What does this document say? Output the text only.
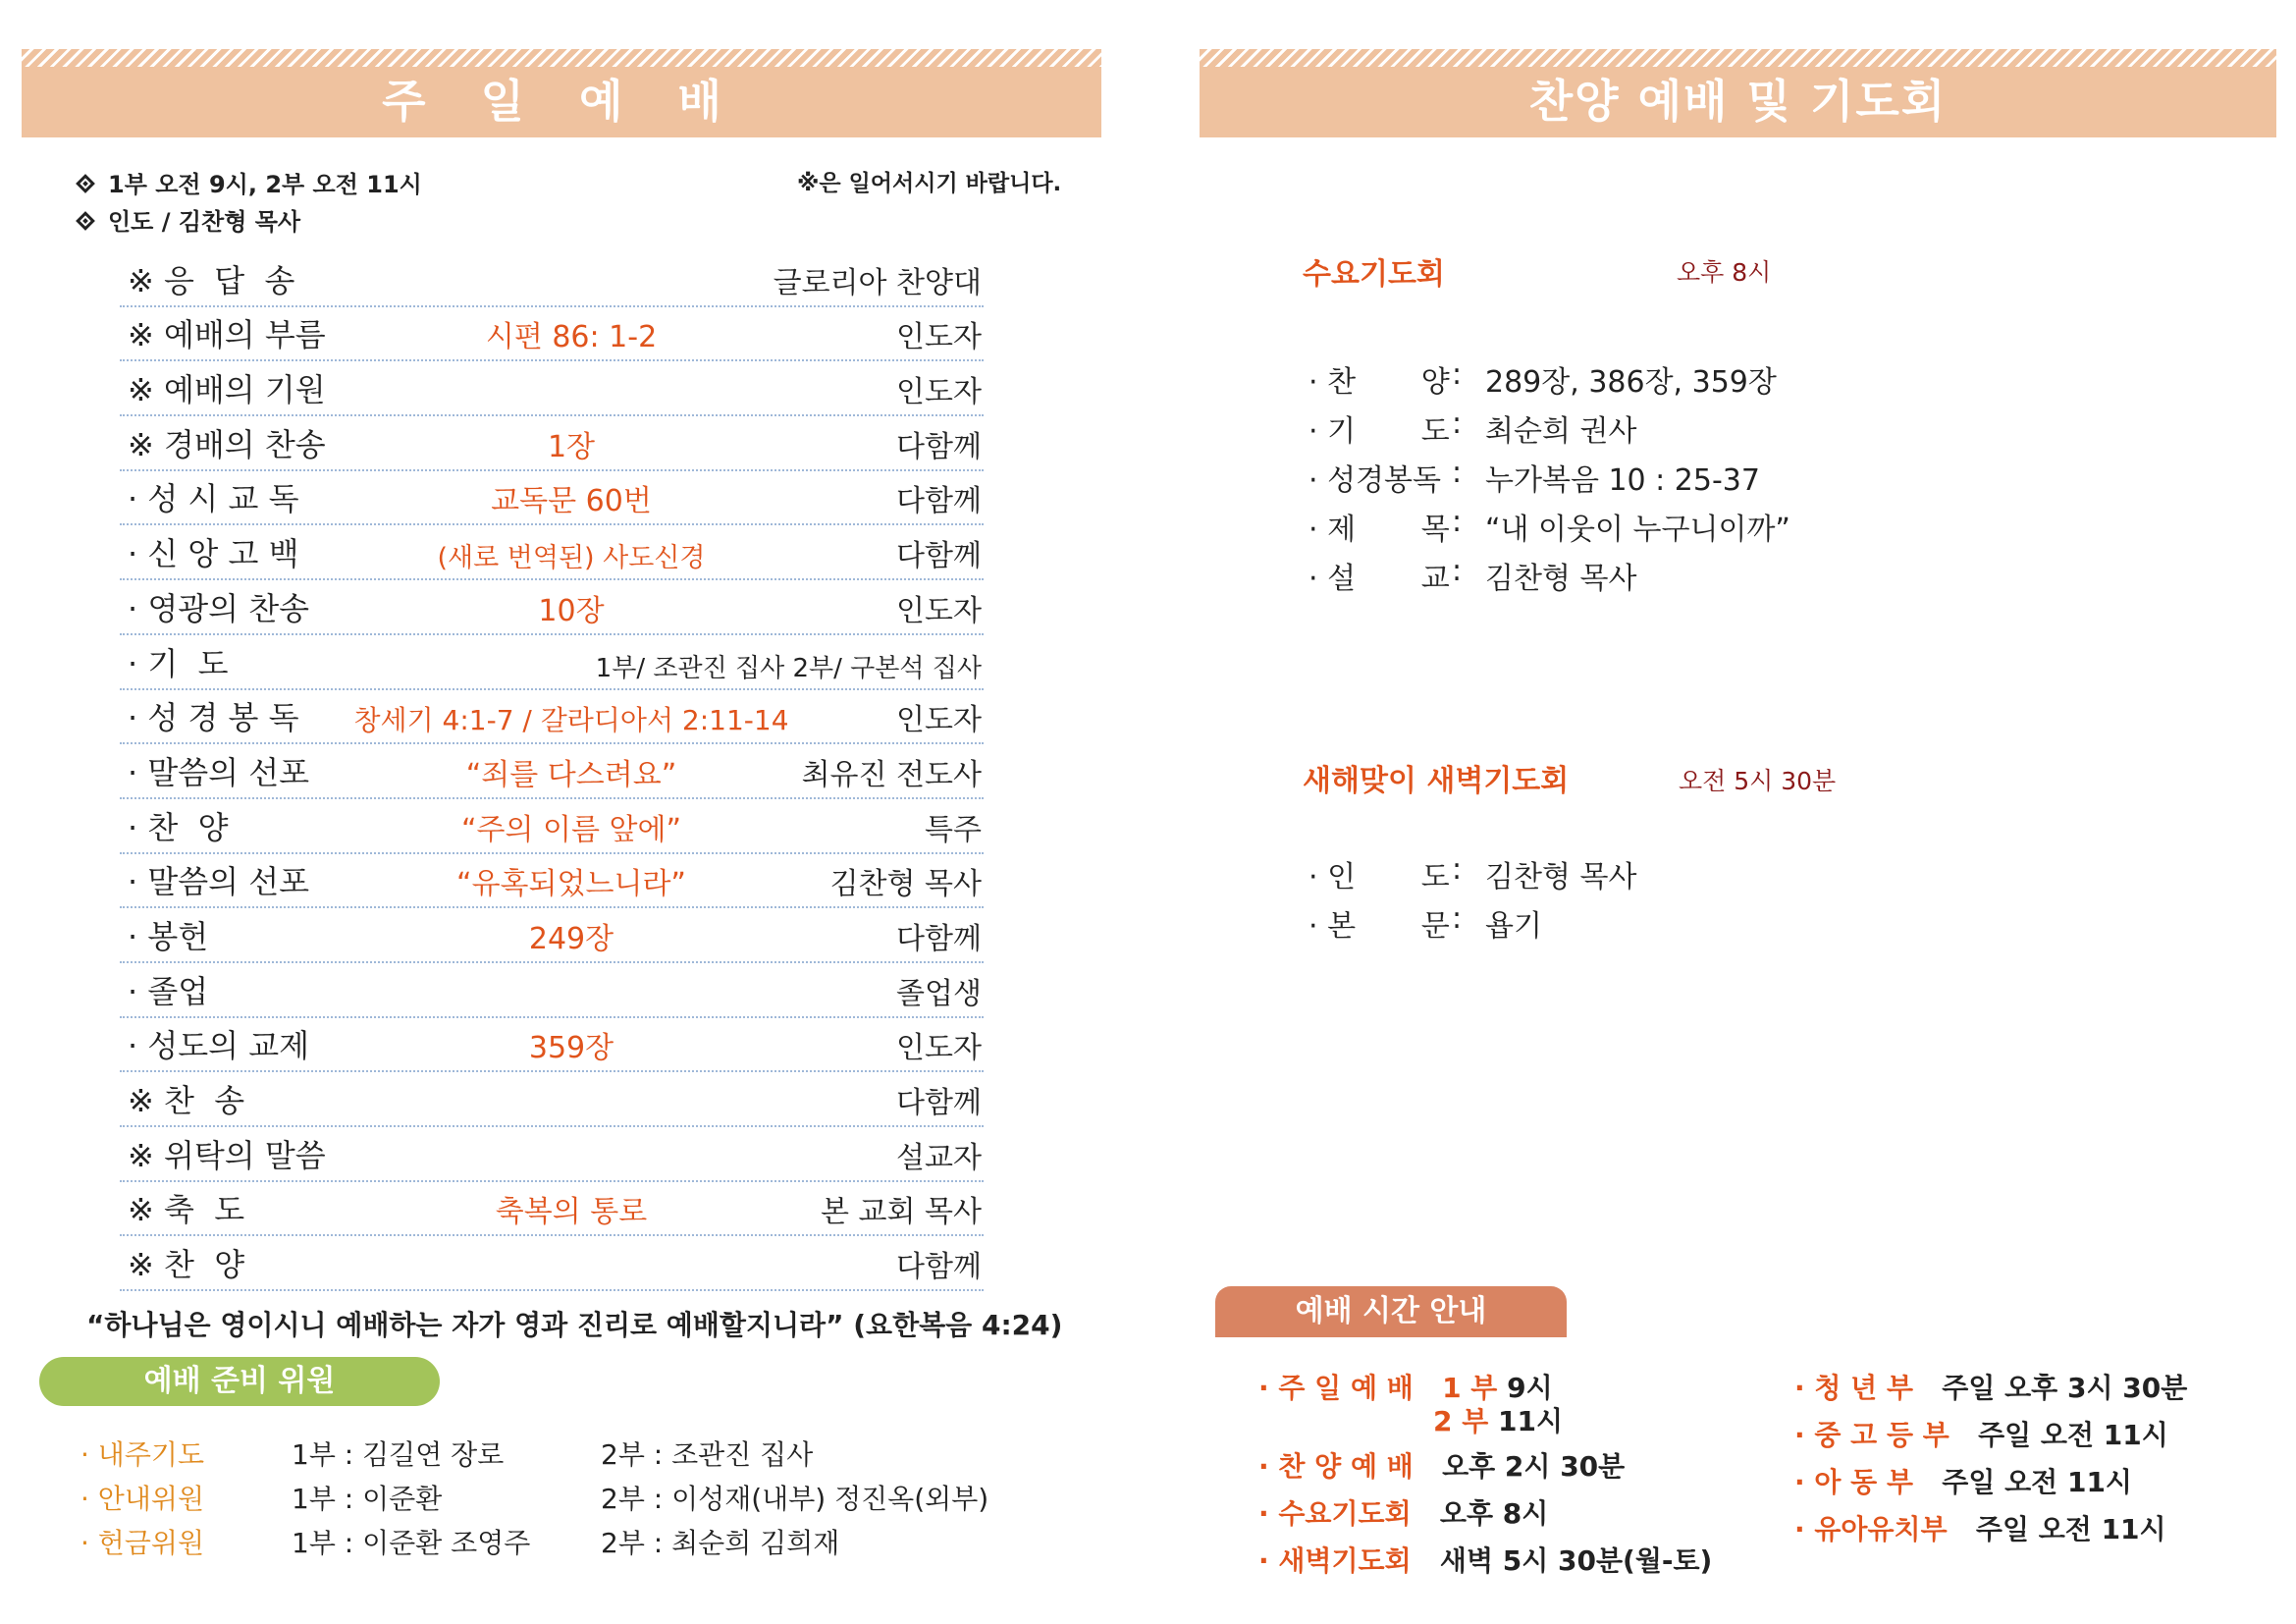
주 일 예 배
1부 오전 9시, 2부 오전 11시
인도 / 김찬형 목사
※은 일어서시기 바랍니다.
※ 응  답  송	글로리아 찬양대
※ 예배의 부름	시편 86: 1-2	인도자
※ 예배의 기원	인도자
※ 경배의 찬송	1장	다함께
· 성 시 교 독	교독문 60번	다함께
· 신 앙 고 백	(새로 번역된) 사도신경	다함께
· 영광의 찬송	10장	인도자
· 기  도	1부/ 조관진 집사 2부/ 구본석 집사
· 성 경 봉 독 창세기 4:1-7 / 갈라디아서 2:11-14	인도자
· 말씀의 선포	“죄를 다스려요”	최유진 전도사
· 찬  양	“주의 이름 앞에”	특주
· 말씀의 선포	“유혹되었느니라”	김찬형 목사
· 봉헌	249장	다함께
· 졸업	졸업생
· 성도의 교제	359장	인도자
※ 찬  송	다함께
※ 위탁의 말씀	설교자
※ 축  도	축복의 통로	본 교회 목사
※ 찬  양	다함께
“하나님은 영이시니 예배하는 자가 영과 진리로 예배할지니라” (요한복음 4:24)
예배 준비 위원
· 내주기도	1부 : 김길연 장로	2부 : 조관진 집사
· 안내위원	1부 : 이준환	2부 : 이성재(내부) 정진옥(외부)
· 헌금위원	1부 : 이준환 조영주	2부 : 최순희 김희재
찬양 예배 및 기도회
수요기도회	오후 8시
· 찬       양 : 289장, 386장, 359장
· 기       도 : 최순희 권사
· 성경봉독 : 누가복음 10 : 25-37
· 제       목 : “내 이웃이 누구니이까”
· 설       교 : 김찬형 목사
새해맞이 새벽기도회	오전 5시 30분
· 인       도 : 김찬형 목사
· 본       문 : 욥기
예배 시간 안내
· 주 일 예 배 1 부 9시
2 부 11시
· 찬 양 예 배 오후 2시 30분
· 수요기도회 오후 8시
· 새벽기도회 새벽 5시 30분(월-토)
· 청 년 부 주일 오후 3시 30분
· 중 고 등 부 주일 오전 11시
· 아 동 부 주일 오전 11시
· 유아유치부 주일 오전 11시
